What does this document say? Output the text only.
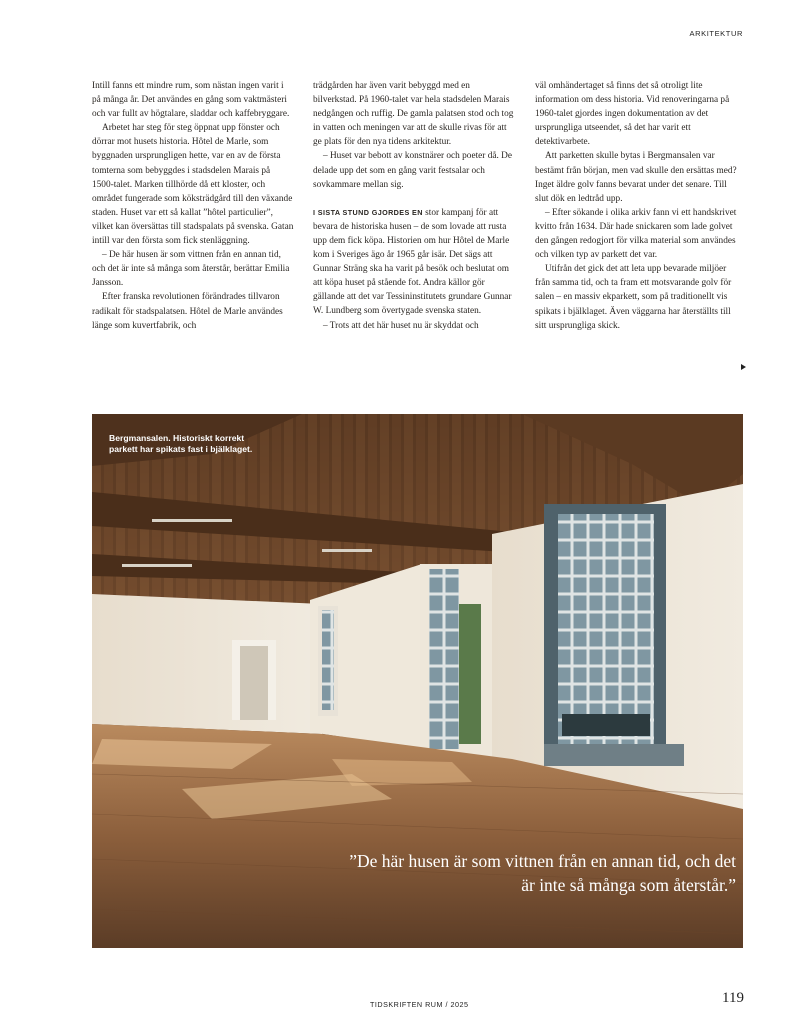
ARKITEKTUR

Intill fanns ett mindre rum, som nästan ingen varit i på många år. Det användes en gång som vaktmästeri och var fullt av högtalare, sladdar och kaffebryggare.

Arbetet har steg för steg öppnat upp fönster och dörrar mot husets historia. Hôtel de Marle, som byggnaden ursprungligen hette, var en av de första tomterna som bebyggdes i stadsdelen Marais på 1500-talet. Marken tillhörde då ett kloster, och området fungerade som köksträdgård till den växande staden. Huset var ett så kallat ”hôtel particulier”, vilket kan översättas till stadspalats på svenska. Gatan intill var den första som fick stenläggning.

– De här husen är som vittnen från en annan tid, och det är inte så många som återstår, berättar Emilia Jansson.

Efter franska revolutionen förändrades tillvaron radikalt för stadspalatsen. Hôtel de Marle användes länge som kuvertfabrik, och

trädgården har även varit bebyggd med en bilverkstad. På 1960-talet var hela stadsdelen Marais nedgången och ruffig. De gamla palatsen stod och tog in vatten och meningen var att de skulle rivas för att ge plats för den nya tidens arkitektur.

– Huset var bebott av konstnärer och poeter då. De delade upp det som en gång varit festsalar och sovkammare mellan sig.

I SISTA STUND GJORDES EN stor kampanj för att bevara de historiska husen – de som lovade att rusta upp dem fick köpa. Historien om hur Hôtel de Marle kom i Sveriges ägo år 1965 går isär. Det sägs att Gunnar Sträng ska ha varit på besök och beslutat om att köpa huset på stående fot. Andra källor gör gällande att det var Tessininstitutets grundare Gunnar W. Lundberg som övertygade svenska staten.

– Trots att det här huset nu är skyddat och

väl omhändertaget så finns det så otroligt lite information om dess historia. Vid renoveringarna på 1960-talet gjordes ingen dokumentation av det ursprungliga utseendet, så det har varit ett detektivarbete.

Att parketten skulle bytas i Bergmansalen var bestämt från början, men vad skulle den ersättas med? Inget äldre golv fanns bevarat under det senare. Till slut dök en ledtråd upp.

– Efter sökande i olika arkiv fann vi ett handskrivet kvitto från 1634. Där hade snickaren som lade golvet den gången redogjort för vilka material som användes och vilken typ av parkett det var.

Utifrån det gick det att leta upp bevarade miljöer från samma tid, och ta fram ett motsvarande golv för salen – en massiv ekparkett, som på traditionellt vis spikats i bjälklaget. Även väggarna har återställts till sitt ursprungliga skick.

Bergmansalen. Historiskt korrekt parkett har spikats fast i bjälklaget.
”De här husen är som vittnen från en annan tid, och det är inte så många som återstår.”
TIDSKRIFTEN RUM / 2025	119
